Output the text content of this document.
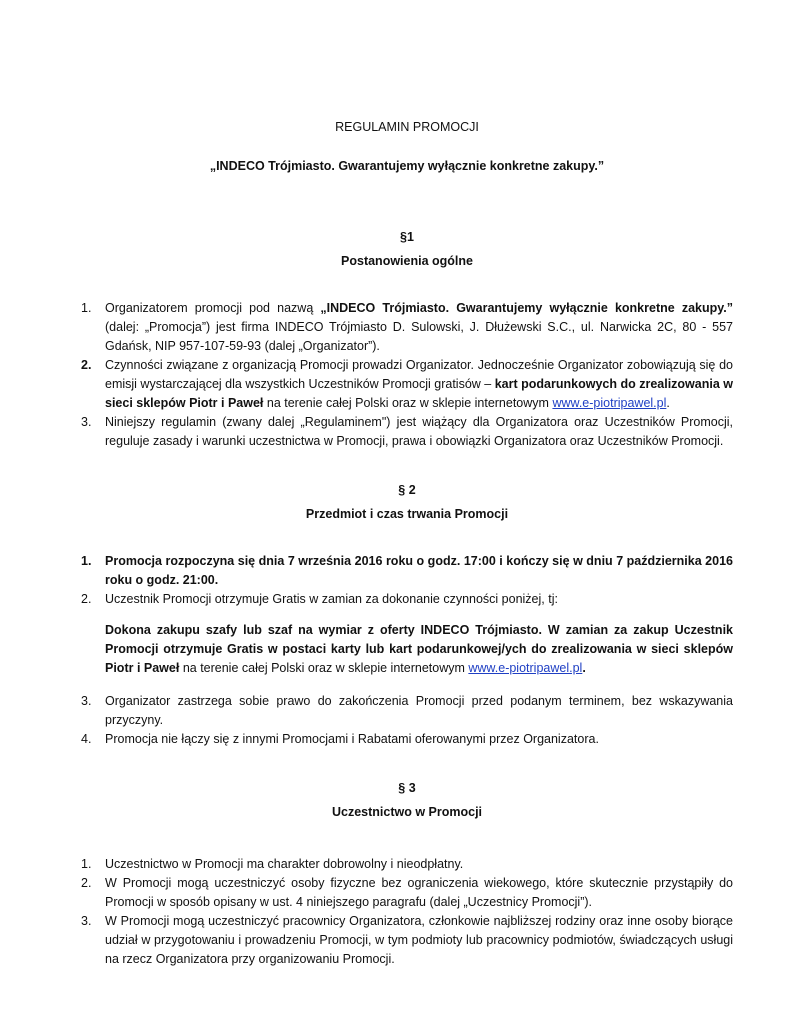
REGULAMIN PROMOCJI

„INDECO Trójmiasto. Gwarantujemy wyłącznie konkretne zakupy.”

§1

Postanowienia ogólne

1. Organizatorem promocji pod nazwą „INDECO Trójmiasto. Gwarantujemy wyłącznie konkretne zakupy.” (dalej: „Promocja”) jest firma INDECO Trójmiasto D. Sulowski, J. Dłużewski S.C., ul. Narwicka 2C, 80 - 557 Gdańsk, NIP 957-107-59-93 (dalej „Organizator”).
2. Czynności związane z organizacją Promocji prowadzi Organizator. Jednocześnie Organizator zobowiązują się do emisji wystarczającej dla wszystkich Uczestników Promocji gratisów – kart podarunkowych do zrealizowania w sieci sklepów Piotr i Paweł na terenie całej Polski oraz w sklepie internetowym www.e-piotripawel.pl.
3. Niniejszy regulamin (zwany dalej „Regulaminem") jest wiążący dla Organizatora oraz Uczestników Promocji, reguluje zasady i warunki uczestnictwa w Promocji, prawa i obowiązki Organizatora oraz Uczestników Promocji.

§ 2

Przedmiot i czas trwania Promocji

1. Promocja rozpoczyna się dnia 7 września 2016 roku o godz. 17:00 i kończy się w dniu 7 października 2016 roku o godz. 21:00.
2. Uczestnik Promocji otrzymuje Gratis w zamian za dokonanie czynności poniżej, tj:

Dokona zakupu szafy lub szaf na wymiar z oferty INDECO Trójmiasto. W zamian za zakup Uczestnik Promocji otrzymuje Gratis w postaci karty lub kart podarunkowej/ych do zrealizowania w sieci sklepów Piotr i Paweł na terenie całej Polski oraz w sklepie internetowym www.e-piotripawel.pl.

3. Organizator zastrzega sobie prawo do zakończenia Promocji przed podanym terminem, bez wskazywania przyczyny.
4. Promocja nie łączy się z innymi Promocjami i Rabatami oferowanymi przez Organizatora.

§ 3

Uczestnictwo w Promocji

1. Uczestnictwo w Promocji ma charakter dobrowolny i nieodpłatny.
2. W Promocji mogą uczestniczyć osoby fizyczne bez ograniczenia wiekowego, które skutecznie przystąpiły do Promocji w sposób opisany w ust. 4 niniejszego paragrafu (dalej „Uczestnicy Promocji”).
3. W Promocji mogą uczestniczyć pracownicy Organizatora, członkowie najbliższej rodziny oraz inne osoby biorące udział w przygotowaniu i prowadzeniu Promocji, w tym podmioty lub pracownicy podmiotów, świadczących usługi na rzecz Organizatora przy organizowaniu Promocji.
